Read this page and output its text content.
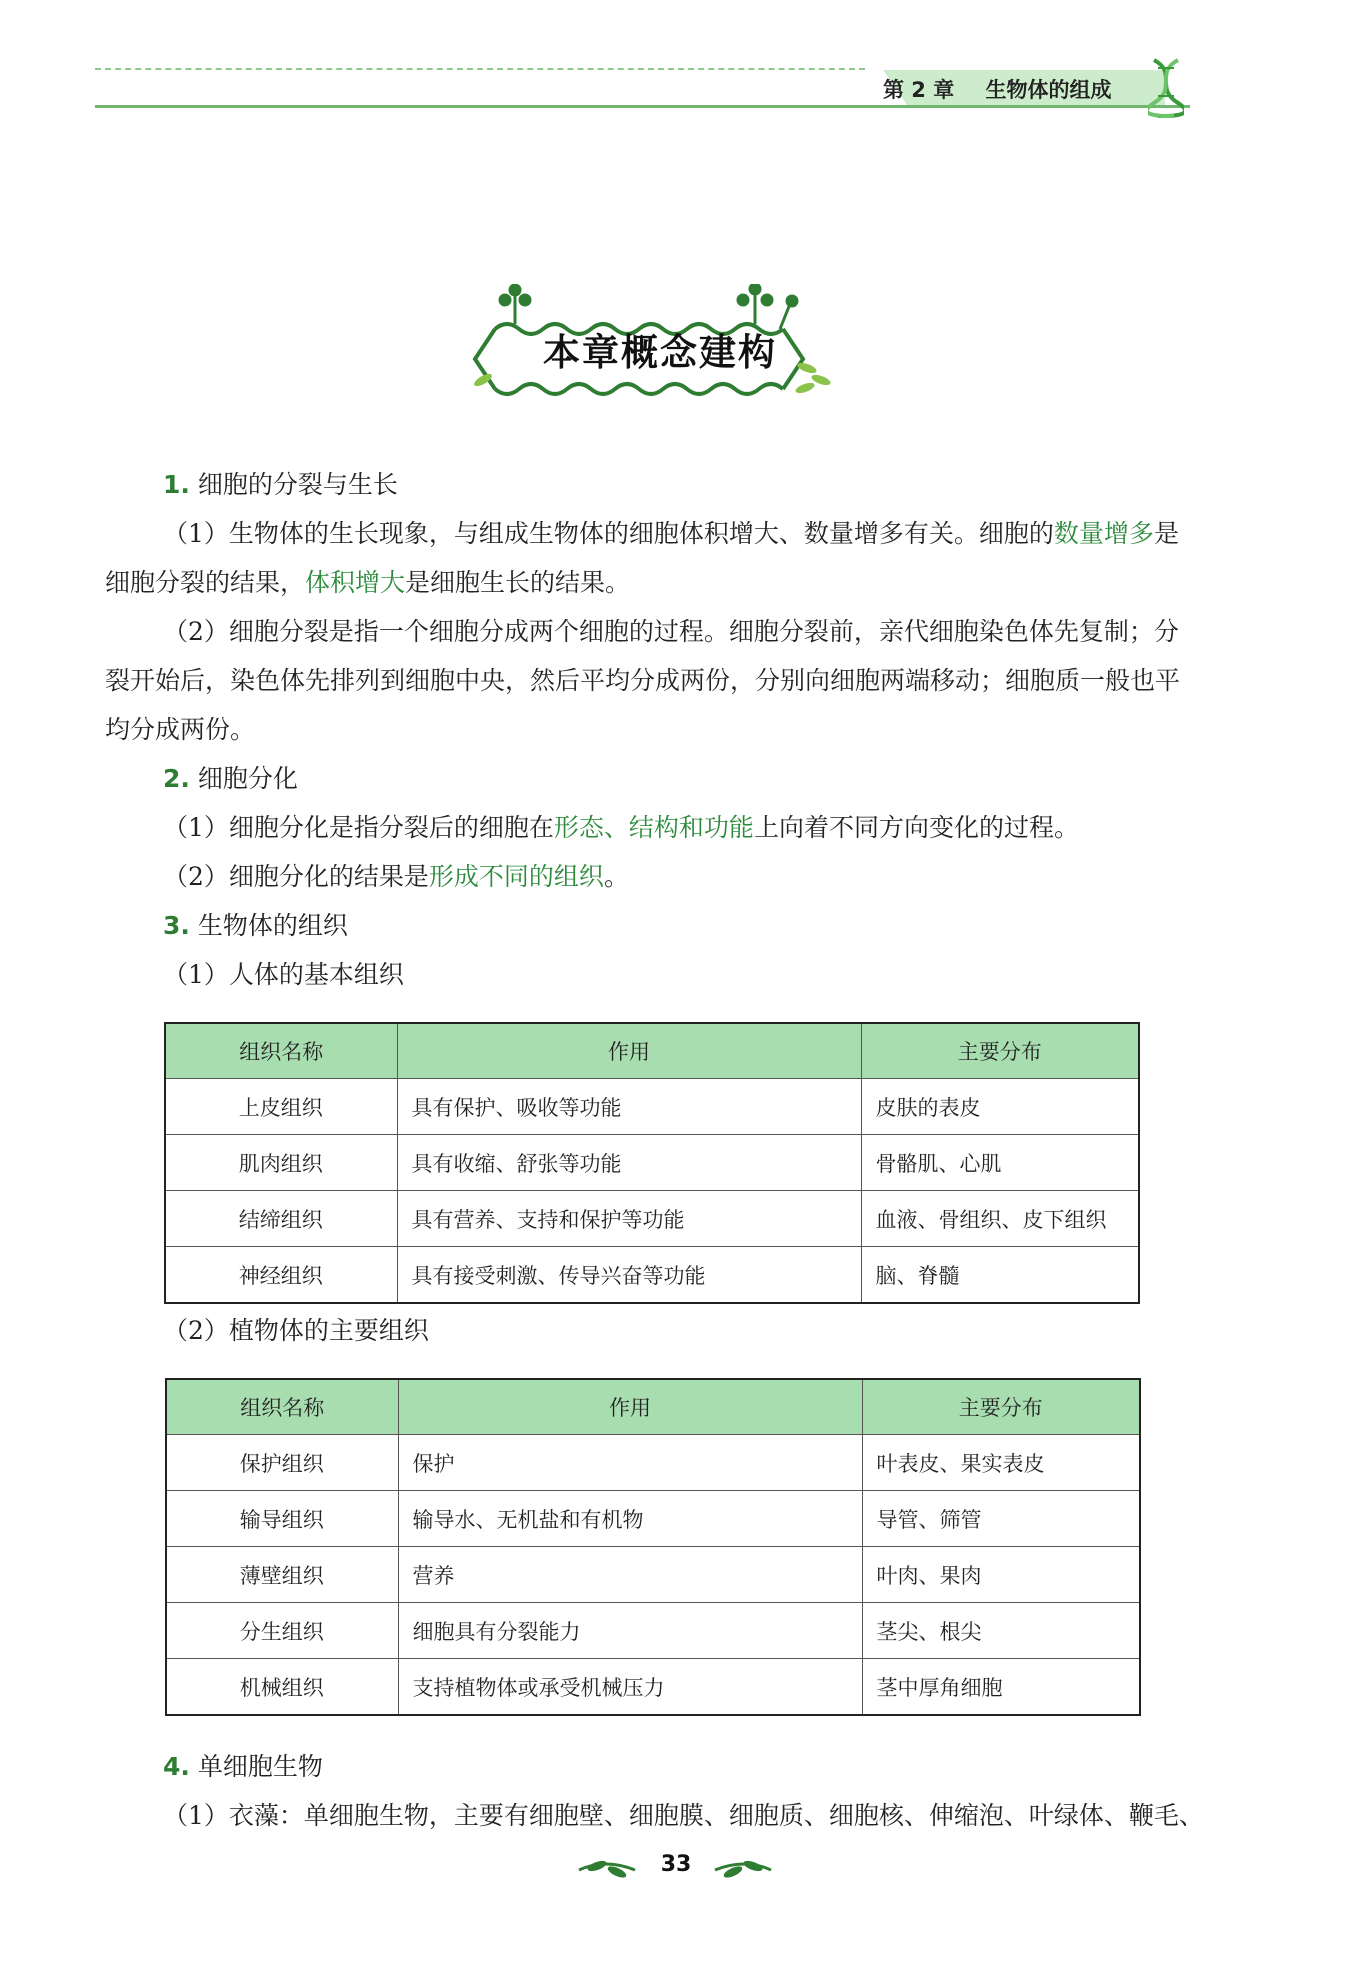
第 2 章 生物体的组成
本章概念建构

1. 细胞的分裂与生长

（1）生物体的生长现象，与组成生物体的细胞体积增大、数量增多有关。细胞的数量增多是细胞分裂的结果，体积增大是细胞生长的结果。

（2）细胞分裂是指一个细胞分成两个细胞的过程。细胞分裂前，亲代细胞染色体先复制；分裂开始后，染色体先排列到细胞中央，然后平均分成两份，分别向细胞两端移动；细胞质一般也平均分成两份。

2. 细胞分化

（1）细胞分化是指分裂后的细胞在形态、结构和功能上向着不同方向变化的过程。

（2）细胞分化的结果是形成不同的组织。

3. 生物体的组织

（1）人体的基本组织

组织名称	作用	主要分布
上皮组织	具有保护、吸收等功能	皮肤的表皮
肌肉组织	具有收缩、舒张等功能	骨骼肌、心肌
结缔组织	具有营养、支持和保护等功能	血液、骨组织、皮下组织
神经组织	具有接受刺激、传导兴奋等功能	脑、脊髓

（2）植物体的主要组织

组织名称	作用	主要分布
保护组织	保护	叶表皮、果实表皮
输导组织	输导水、无机盐和有机物	导管、筛管
薄壁组织	营养	叶肉、果肉
分生组织	细胞具有分裂能力	茎尖、根尖
机械组织	支持植物体或承受机械压力	茎中厚角细胞

4. 单细胞生物

（1）衣藻：单细胞生物，主要有细胞壁、细胞膜、细胞质、细胞核、伸缩泡、叶绿体、鞭毛、

33
